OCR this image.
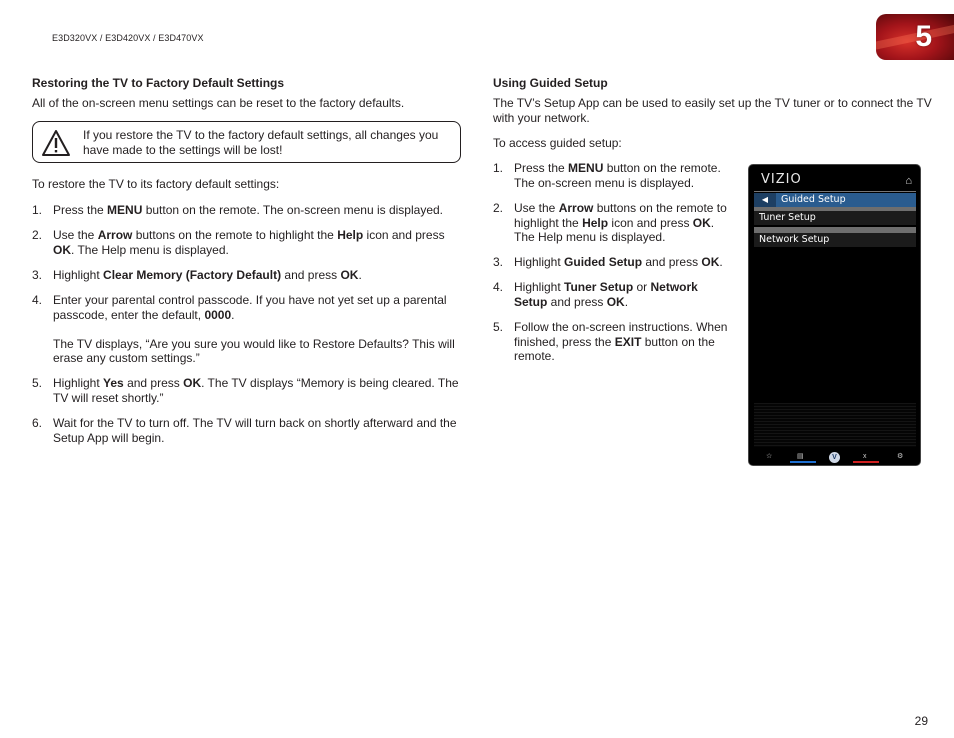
E3D320VX / E3D420VX / E3D470VX	5
Restoring the TV to Factory Default Settings

All of the on-screen menu settings can be reset to the factory defaults.

If you restore the TV to the factory default settings, all changes you have made to the settings will be lost!

To restore the TV to its factory default settings:

1. Press the MENU button on the remote. The on-screen menu is displayed.
2. Use the Arrow buttons on the remote to highlight the Help icon and press OK. The Help menu is displayed.
3. Highlight Clear Memory (Factory Default) and press OK.
4. Enter your parental control passcode. If you have not yet set up a parental passcode, enter the default, 0000.

The TV displays, “Are you sure you would like to Restore Defaults? This will erase any custom settings.”
5. Highlight Yes and press OK. The TV displays “Memory is being cleared. The TV will reset shortly.”
6. Wait for the TV to turn off. The TV will turn back on shortly afterward and the Setup App will begin.
Using Guided Setup

The TV’s Setup App can be used to easily set up the TV tuner or to connect the TV with your network.

To access guided setup:

1. Press the MENU button on the remote. The on-screen menu is displayed.
2. Use the Arrow buttons on the remote to highlight the Help icon and press OK. The Help menu is displayed.
3. Highlight Guided Setup and press OK.
4. Highlight Tuner Setup or Network Setup and press OK.
5. Follow the on-screen instructions. When finished, press the EXIT button on the remote.
VIZIO	⌂
◀ Guided Setup
Tuner Setup
Network Setup
☆	▤	V	x	⚙
29
